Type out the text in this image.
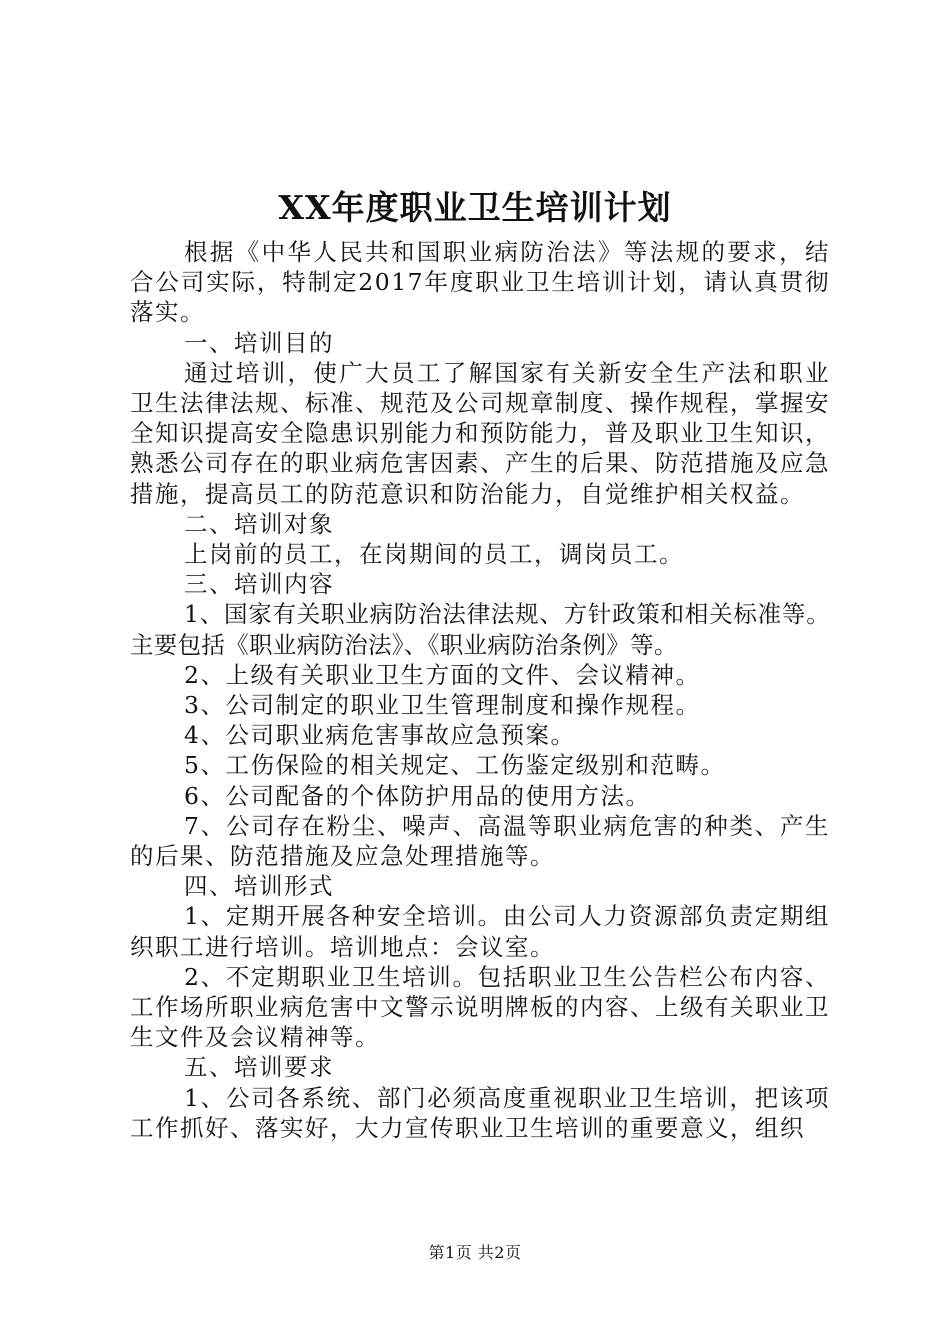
XX年度职业卫生培训计划

根据《中华人民共和国职业病防治法》等法规的要求，结合公司实际，特制定2017年度职业卫生培训计划，请认真贯彻落实。

一、培训目的

通过培训，使广大员工了解国家有关新安全生产法和职业卫生法律法规、标准、规范及公司规章制度、操作规程，掌握安全知识提高安全隐患识别能力和预防能力，普及职业卫生知识，熟悉公司存在的职业病危害因素、产生的后果、防范措施及应急措施，提高员工的防范意识和防治能力，自觉维护相关权益。

二、培训对象

上岗前的员工，在岗期间的员工，调岗员工。

三、培训内容

1、国家有关职业病防治法律法规、方针政策和相关标准等。主要包括《职业病防治法》、《职业病防治条例》等。

2、上级有关职业卫生方面的文件、会议精神。

3、公司制定的职业卫生管理制度和操作规程。

4、公司职业病危害事故应急预案。

5、工伤保险的相关规定、工伤鉴定级别和范畴。

6、公司配备的个体防护用品的使用方法。

7、公司存在粉尘、噪声、高温等职业病危害的种类、产生的后果、防范措施及应急处理措施等。

四、培训形式

1、定期开展各种安全培训。由公司人力资源部负责定期组织职工进行培训。培训地点：会议室。

2、不定期职业卫生培训。包括职业卫生公告栏公布内容、工作场所职业病危害中文警示说明牌板的内容、上级有关职业卫生文件及会议精神等。

五、培训要求

1、公司各系统、部门必须高度重视职业卫生培训，把该项工作抓好、落实好，大力宣传职业卫生培训的重要意义，组织

第1页 共2页
